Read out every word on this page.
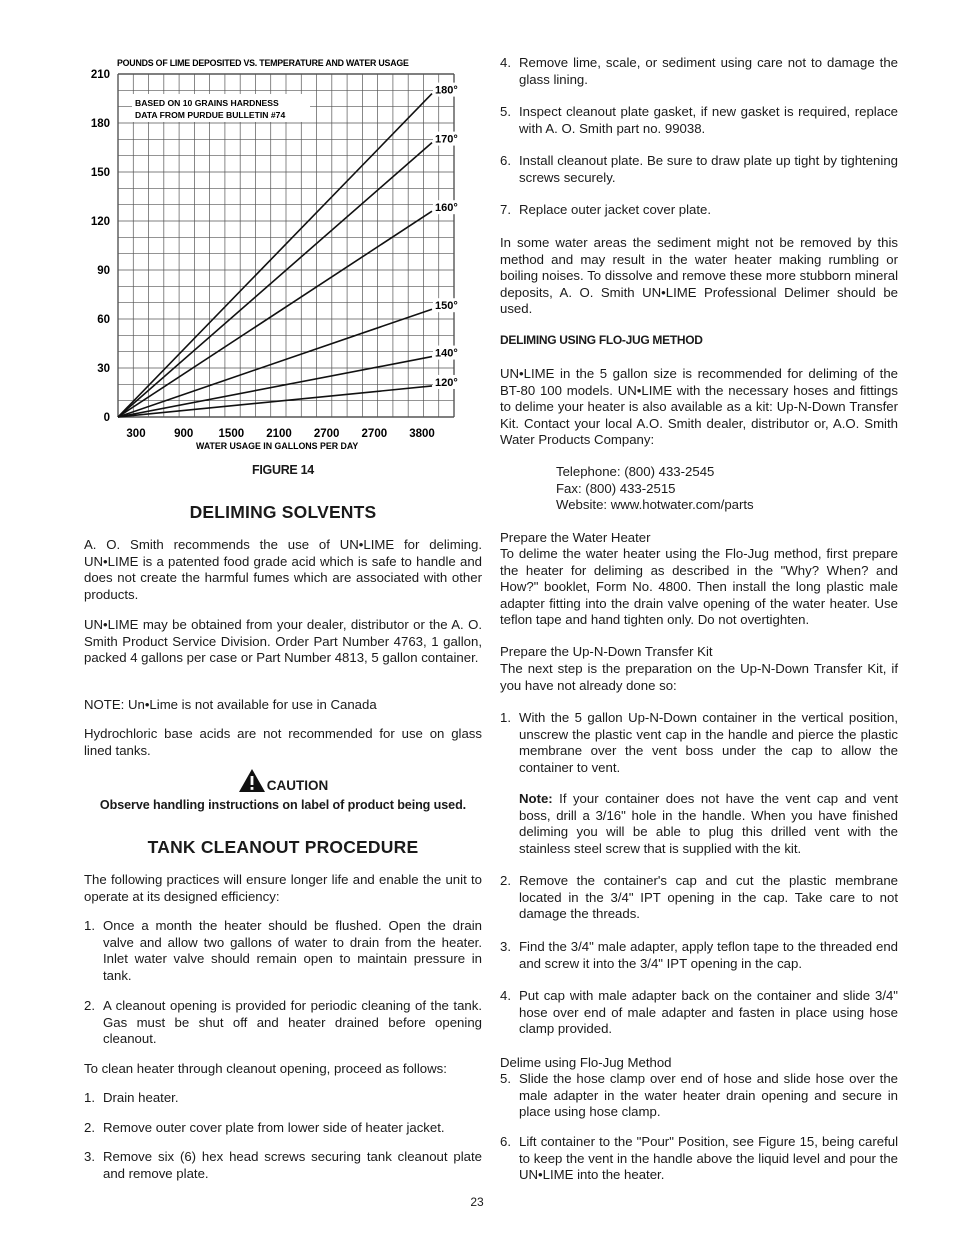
POUNDS OF LIME DEPOSITED VS. TEMPERATURE AND WATER USAGE
0
30
60
90
120
150
180
210
300 900 1500 2100 2700 2700 3800
180°
170°
160°
150°
140°
120°
BASED ON 10 GRAINS HARDNESS
DATA FROM PURDUE BULLETIN #74
WATER USAGE IN GALLONS PER DAY
FIGURE 14
DELIMING SOLVENTS

A. O. Smith recommends the use of UN•LIME for deliming. UN•LIME is a patented food grade acid which is safe to handle and does not create the harmful fumes which are associated with other products.

UN•LIME may be obtained from your dealer, distributor or the A. O. Smith Product Service Division. Order Part Number 4763, 1 gallon, packed 4 gallons per case or Part Number 4813, 5 gallon container.

NOTE: Un•Lime is not available for use in Canada

Hydrochloric base acids are not recommended for use on glass lined tanks.

CAUTION
Observe handling instructions on label of product being used.
TANK CLEANOUT PROCEDURE

The following practices will ensure longer life and enable the unit to operate at its designed efficiency:

1. Once a month the heater should be flushed. Open the drain valve and allow two gallons of water to drain from the heater. Inlet water valve should remain open to maintain pressure in tank.
2. A cleanout opening is provided for periodic cleaning of the tank. Gas must be shut off and heater drained before opening cleanout.

To clean heater through cleanout opening, proceed as follows:

1. Drain heater.
2. Remove outer cover plate from lower side of heater jacket.
3. Remove six (6) hex head screws securing tank cleanout plate and remove plate.
4. Remove lime, scale, or sediment using care not to damage the glass lining.
5. Inspect cleanout plate gasket, if new gasket is required, replace with A. O. Smith part no. 99038.
6. Install cleanout plate. Be sure to draw plate up tight by tightening screws securely.
7. Replace outer jacket cover plate.

In some water areas the sediment might not be removed by this method and may result in the water heater making rumbling or boiling noises. To dissolve and remove these more stubborn mineral deposits, A. O. Smith UN•LIME Professional Delimer should be used.

DELIMING USING FLO-JUG METHOD

UN•LIME in the 5 gallon size is recommended for deliming of the BT-80 100 models. UN•LIME with the necessary hoses and fittings to delime your heater is also available as a kit: Up-N-Down Transfer Kit. Contact your local A.O. Smith dealer, distributor or, A.O. Smith Water Products Company:

Telephone: (800) 433-2545
Fax: (800) 433-2515
Website: www.hotwater.com/parts
Prepare the Water Heater

To delime the water heater using the Flo-Jug method, first prepare the heater for deliming as described in the "Why? When? and How?" booklet, Form No. 4800. Then install the long plastic male adapter fitting into the drain valve opening of the water heater. Use teflon tape and hand tighten only. Do not overtighten.

Prepare the Up-N-Down Transfer Kit

The next step is the preparation on the Up-N-Down Transfer Kit, if you have not already done so:

1. With the 5 gallon Up-N-Down container in the vertical position, unscrew the plastic vent cap in the handle and pierce the plastic membrane over the vent boss under the cap to allow the container to vent.

Note: If your container does not have the vent cap and vent boss, drill a 3/16" hole in the handle. When you have finished deliming you will be able to plug this drilled vent with the stainless steel screw that is supplied with the kit.

2. Remove the container's cap and cut the plastic membrane located in the 3/4" IPT opening in the cap. Take care to not damage the threads.
3. Find the 3/4" male adapter, apply teflon tape to the threaded end and screw it into the 3/4" IPT opening in the cap.
4. Put cap with male adapter back on the container and slide 3/4" hose over end of male adapter and fasten in place using hose clamp provided.
Delime using Flo-Jug Method
5. Slide the hose clamp over end of hose and slide hose over the male adapter in the water heater drain opening and secure in place using hose clamp.
6. Lift container to the "Pour" Position, see Figure 15, being careful to keep the vent in the handle above the liquid level and pour the UN•LIME into the heater.
23
